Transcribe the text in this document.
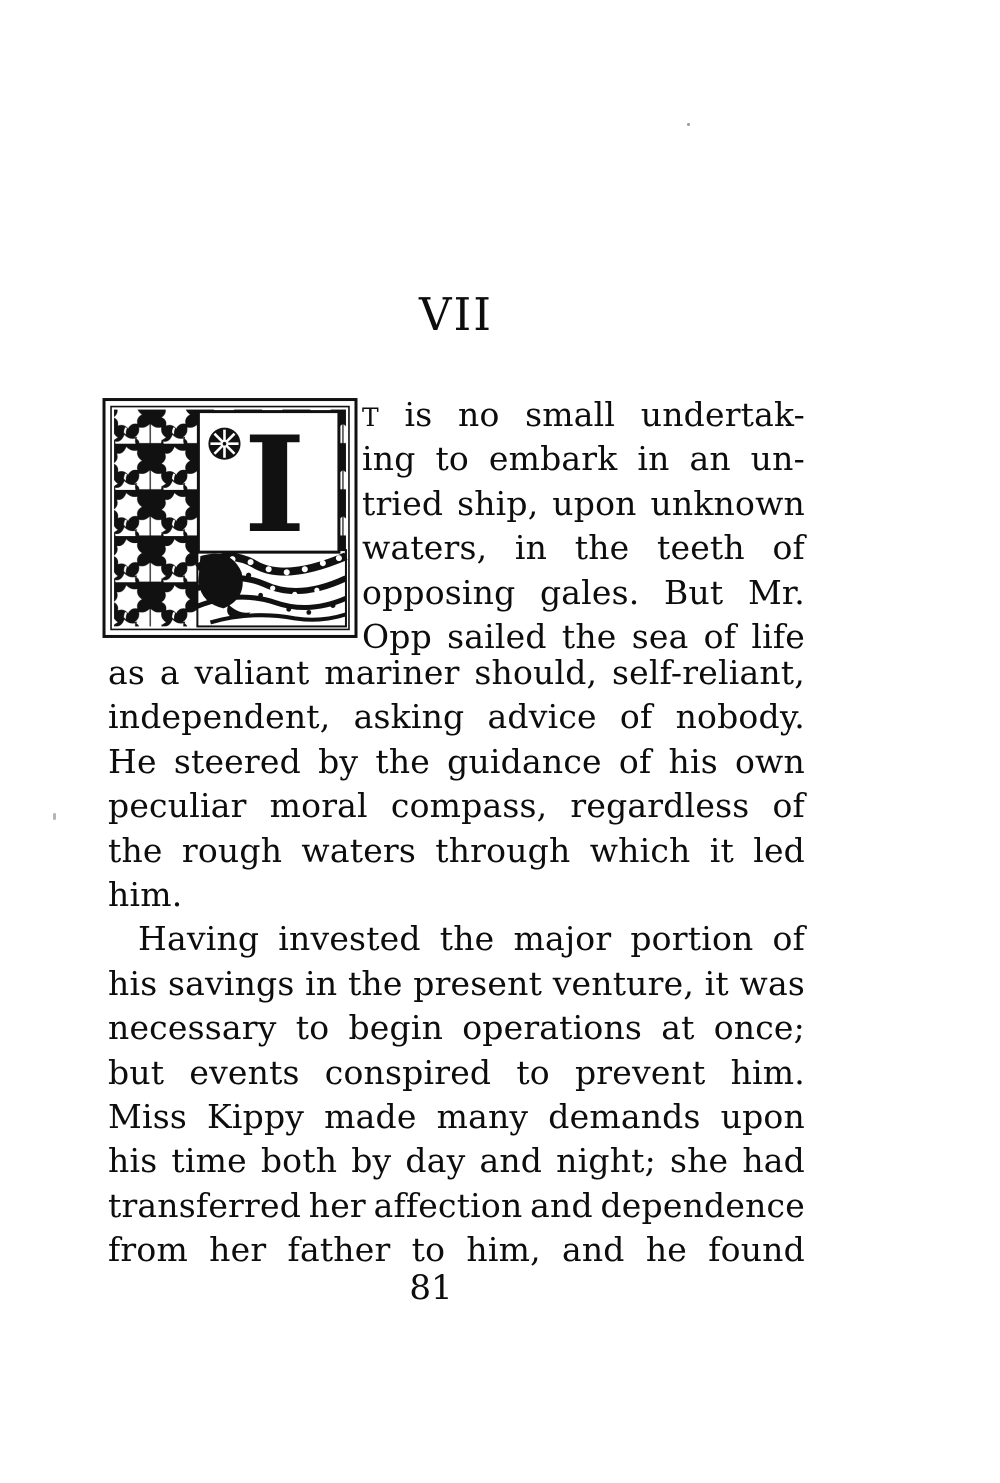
VII
I T is no small undertak-
ing to embark in an un-
tried ship, upon unknown
waters, in the teeth of
opposing gales. But Mr.
Opp sailed the sea of life
as a valiant mariner should, self-reliant,
independent, asking advice of nobody.
He steered by the guidance of his own
peculiar moral compass, regardless of
the rough waters through which it led
him.
Having invested the major portion of
his savings in the present venture, it was
necessary to begin operations at once;
but events conspired to prevent him.
Miss Kippy made many demands upon
his time both by day and night; she had
transferred her affection and dependence
from her father to him, and he found
81
